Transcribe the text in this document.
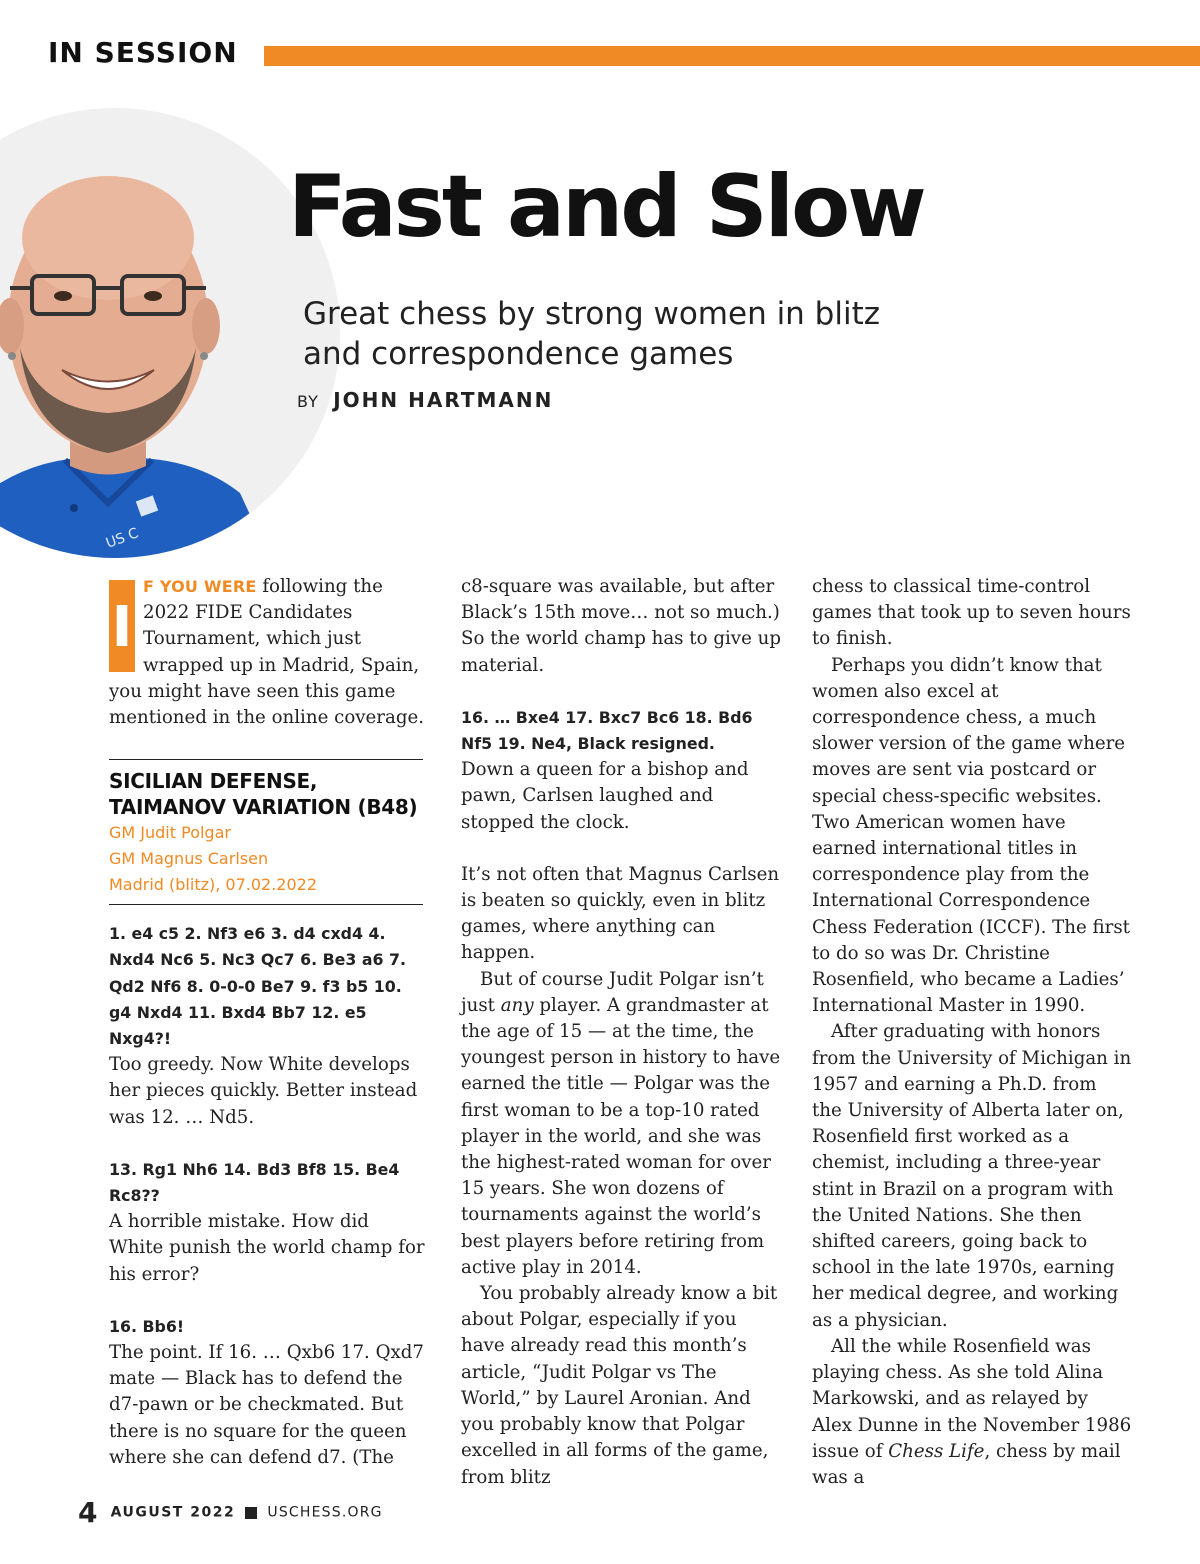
IN SESSION
US C
Fast and Slow
Great chess by strong women in blitz
and correspondence games
BY JOHN HARTMANN

I
F YOU WERE following the 2022 FIDE Candidates Tournament, which just wrapped up in Madrid, Spain, you might have seen this game mentioned in the online coverage.

SICILIAN DEFENSE,
TAIMANOV VARIATION (B48)
GM Judit Polgar
GM Magnus Carlsen
Madrid (blitz), 07.02.2022

1. e4 c5 2. Nf3 e6 3. d4 cxd4 4. Nxd4 Nc6 5. Nc3 Qc7 6. Be3 a6 7. Qd2 Nf6 8. 0-0-0 Be7 9. f3 b5 10. g4 Nxd4 11. Bxd4 Bb7 12. e5 Nxg4?!

Too greedy. Now White develops her pieces quickly. Better instead was 12. … Nd5.

13. Rg1 Nh6 14. Bd3 Bf8 15. Be4 Rc8??

A horrible mistake. How did White punish the world champ for his error?

16. Bb6!

The point. If 16. … Qxb6 17. Qxd7 mate — Black has to defend the d7-pawn or be checkmated. But there is no square for the queen where she can defend d7. (The

c8-square was available, but after Black’s 15th move… not so much.) So the world champ has to give up material.

16. … Bxe4 17. Bxc7 Bc6 18. Bd6 Nf5 19. Ne4, Black resigned.

Down a queen for a bishop and pawn, Carlsen laughed and stopped the clock.

It’s not often that Magnus Carlsen is beaten so quickly, even in blitz games, where anything can happen.

But of course Judit Polgar isn’t just any player. A grandmaster at the age of 15 — at the time, the youngest person in history to have earned the title — Polgar was the first woman to be a top-10 rated player in the world, and she was the highest-rated woman for over 15 years. She won dozens of tournaments against the world’s best players before retiring from active play in 2014.

You probably already know a bit about Polgar, especially if you have already read this month’s article, “Judit Polgar vs The World,” by Laurel Aronian. And you probably know that Polgar excelled in all forms of the game, from blitz

chess to classical time-control games that took up to seven hours to finish.

Perhaps you didn’t know that women also excel at correspondence chess, a much slower version of the game where moves are sent via postcard or special chess-specific websites. Two American women have earned international titles in correspondence play from the International Correspondence Chess Federation (ICCF). The first to do so was Dr. Christine Rosenfield, who became a Ladies’ International Master in 1990.

After graduating with honors from the University of Michigan in 1957 and earning a Ph.D. from the University of Alberta later on, Rosenfield first worked as a chemist, including a three-year stint in Brazil on a program with the United Nations. She then shifted careers, going back to school in the late 1970s, earning her medical degree, and working as a physician.

All the while Rosenfield was playing chess. As she told Alina Markowski, and as relayed by Alex Dunne in the November 1986 issue of Chess Life, chess by mail was a

4 AUGUST 2022 USCHESS.ORG
